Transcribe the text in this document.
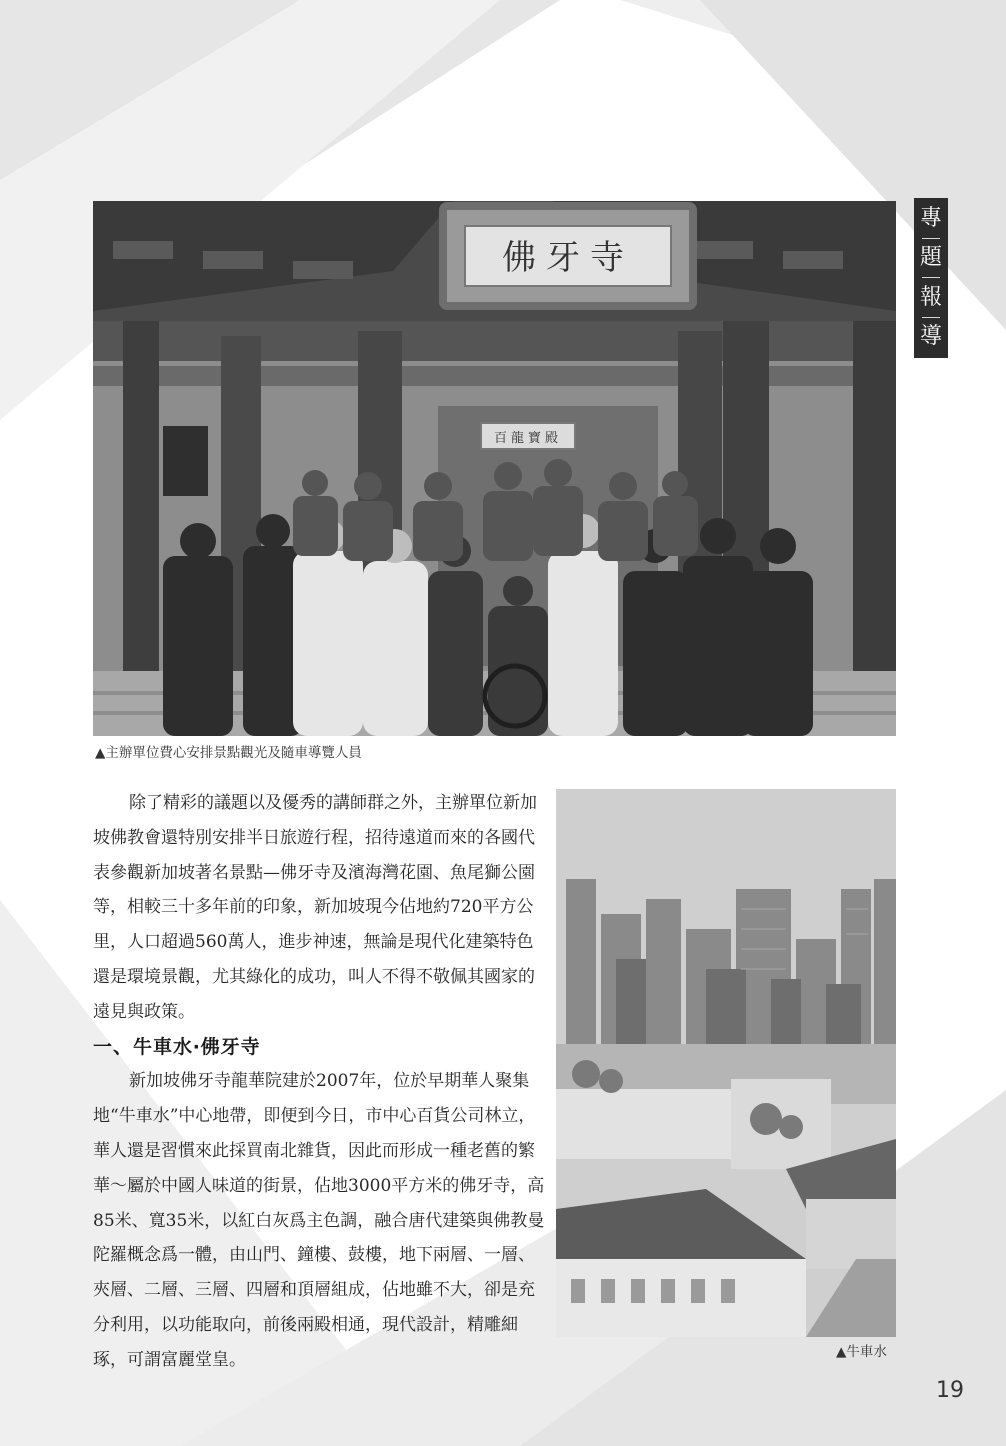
專
題
報
導
佛牙寺
百龍寶殿
▲主辦單位費心安排景點觀光及隨車導覽人員

除了精彩的議題以及優秀的講師群之外，主辦單位新加坡佛教會還特別安排半日旅遊行程，招待遠道而來的各國代表參觀新加坡著名景點—佛牙寺及濱海灣花園、魚尾獅公園等，相較三十多年前的印象，新加坡現今佔地約720平方公里，人口超過560萬人，進步神速，無論是現代化建築特色還是環境景觀，尤其綠化的成功，叫人不得不敬佩其國家的遠見與政策。

一、牛車水‧佛牙寺

新加坡佛牙寺龍華院建於2007年，位於早期華人聚集地“牛車水”中心地帶，即便到今日，市中心百貨公司林立，華人還是習慣來此採買南北雜貨，因此而形成一種老舊的繁華～屬於中國人味道的街景，佔地3000平方米的佛牙寺，高85米、寬35米，以紅白灰爲主色調，融合唐代建築與佛教曼陀羅概念爲一體，由山門、鐘樓、鼓樓，地下兩層、一層、夾層、二層、三層、四層和頂層組成，佔地雖不大，卻是充分利用，以功能取向，前後兩殿相通，現代設計，精雕細琢，可謂富麗堂皇。	▲牛車水
19
